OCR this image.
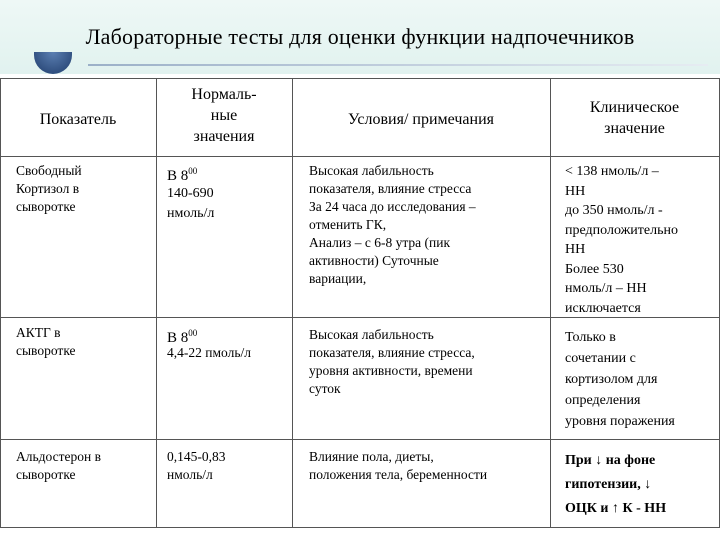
Лабораторные тесты для оценки функции надпочечников
Показатель
Нормаль-
ные
значения
Условия/ примечания
Клиническое
значение
Свободный
Кортизол в
сыворотке
В $8^{00}$
140-690
нмоль/л
Высокая лабильность
показателя, влияние стресса
За 24 часа до исследования –
отменить ГК,
Анализ – с 6-8 утра (пик
активности) Суточные
вариации,
< 138 нмоль/л –
НН
до 350 нмоль/л -
предположительно
НН
Более 530
нмоль/л – НН
исключается
АКТГ в
сыворотке
В $8^{00}$
4,4-22 пмоль/л
Высокая лабильность
показателя, влияние стресса,
уровня активности, времени
суток
Только в
сочетании с
кортизолом для
определения
уровня поражения
Альдостерон в
сыворотке
0,145-0,83
нмоль/л
Влияние пола, диеты,
положения тела, беременности
При ↓ на фоне
гипотензии, ↓
ОЦК и ↑ К - НН
